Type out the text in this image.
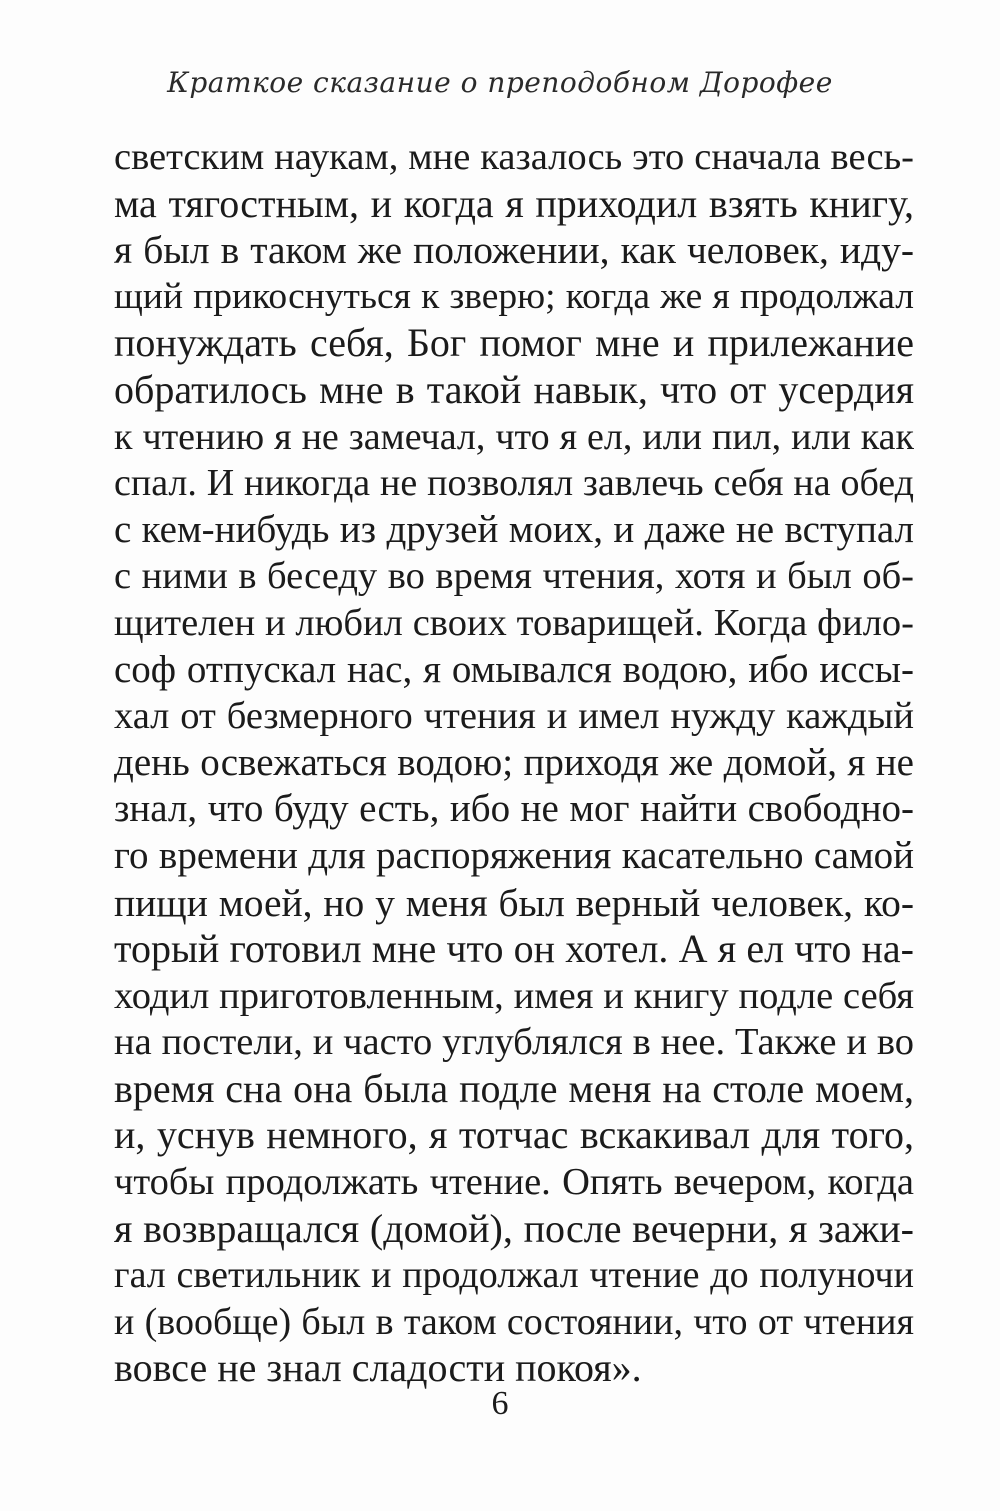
Краткое сказание о преподобном Дорофее
светским наукам, мне казалось это сначала весь-
ма тягостным, и когда я приходил взять книгу,
я был в таком же положении, как человек, иду-
щий прикоснуться к зверю; когда же я продолжал
понуждать себя, Бог помог мне и прилежание
обратилось мне в такой навык, что от усердия
к чтению я не замечал, что я ел, или пил, или как
спал. И никогда не позволял завлечь себя на обед
с кем-нибудь из друзей моих, и даже не вступал
с ними в беседу во время чтения, хотя и был об-
щителен и любил своих товарищей. Когда фило-
соф отпускал нас, я омывался водою, ибо иссы-
хал от безмерного чтения и имел нужду каждый
день освежаться водою; приходя же домой, я не
знал, что буду есть, ибо не мог найти свободно-
го времени для распоряжения касательно самой
пищи моей, но у меня был верный человек, ко-
торый готовил мне что он хотел. А я ел что на-
ходил приготовленным, имея и книгу подле себя
на постели, и часто углублялся в нее. Также и во
время сна она была подле меня на столе моем,
и, уснув немного, я тотчас вскакивал для того,
чтобы продолжать чтение. Опять вечером, когда
я возвращался (домой), после вечерни, я зажи-
гал светильник и продолжал чтение до полуночи
и (вообще) был в таком состоянии, что от чтения
вовсе не знал сладости покоя».
6
